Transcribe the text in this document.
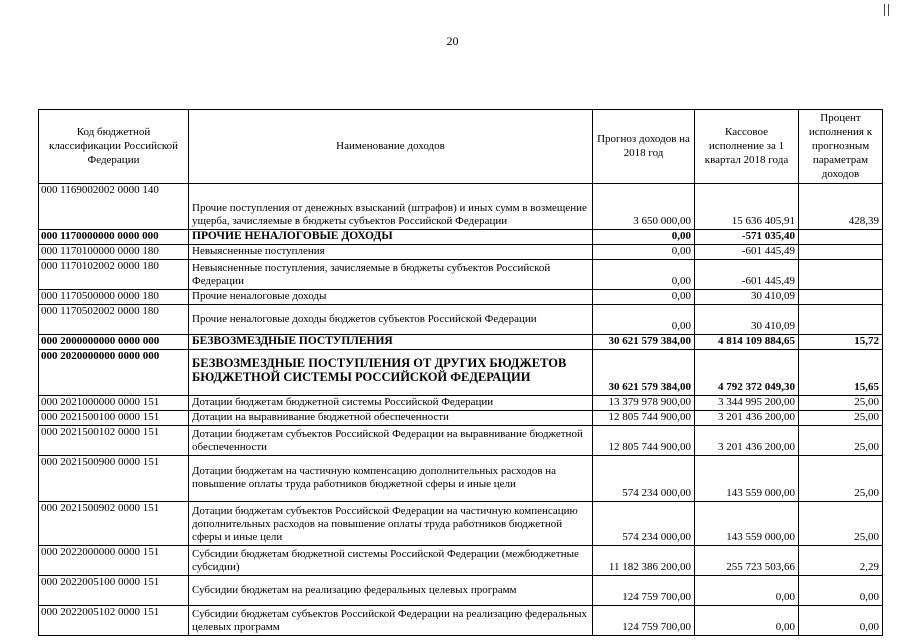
20
Код бюджетной классификации Российской Федерации	Наименование доходов	Прогноз доходов на 2018 год	Кассовое исполнение за 1 квартал 2018 года	Процент исполнения к прогнозным параметрам доходов
000 1169002002 0000 140	Прочие поступления от денежных взысканий (штрафов) и иных сумм в возмещение ущерба, зачисляемые в бюджеты субъектов Российской Федерации	3 650 000,00	15 636 405,91	428,39
000 1170000000 0000 000	ПРОЧИЕ НЕНАЛОГОВЫЕ ДОХОДЫ	0,00	-571 035,40	
000 1170100000 0000 180	Невыясненные поступления	0,00	-601 445,49	
000 1170102002 0000 180	Невыясненные поступления, зачисляемые в бюджеты субъектов Российской Федерации	0,00	-601 445,49	
000 1170500000 0000 180	Прочие неналоговые доходы	0,00	30 410,09	
000 1170502002 0000 180	Прочие неналоговые доходы бюджетов субъектов Российской Федерации	0,00	30 410,09	
000 2000000000 0000 000	БЕЗВОЗМЕЗДНЫЕ ПОСТУПЛЕНИЯ	30 621 579 384,00	4 814 109 884,65	15,72
000 2020000000 0000 000	БЕЗВОЗМЕЗДНЫЕ ПОСТУПЛЕНИЯ ОТ ДРУГИХ БЮДЖЕТОВ БЮДЖЕТНОЙ СИСТЕМЫ РОССИЙСКОЙ ФЕДЕРАЦИИ	30 621 579 384,00	4 792 372 049,30	15,65
000 2021000000 0000 151	Дотации бюджетам бюджетной системы Российской Федерации	13 379 978 900,00	3 344 995 200,00	25,00
000 2021500100 0000 151	Дотации на выравнивание бюджетной обеспеченности	12 805 744 900,00	3 201 436 200,00	25,00
000 2021500102 0000 151	Дотации бюджетам субъектов Российской Федерации на выравнивание бюджетной обеспеченности	12 805 744 900,00	3 201 436 200,00	25,00
000 2021500900 0000 151	Дотации бюджетам на частичную компенсацию дополнительных расходов на повышение оплаты труда работников бюджетной сферы и иные цели	574 234 000,00	143 559 000,00	25,00
000 2021500902 0000 151	Дотации бюджетам субъектов Российской Федерации на частичную компенсацию дополнительных расходов на повышение оплаты труда работников бюджетной сферы и иные цели	574 234 000,00	143 559 000,00	25,00
000 2022000000 0000 151	Субсидии бюджетам бюджетной системы Российской Федерации (межбюджетные субсидии)	11 182 386 200,00	255 723 503,66	2,29
000 2022005100 0000 151	Субсидии бюджетам на реализацию федеральных целевых программ	124 759 700,00	0,00	0,00
000 2022005102 0000 151	Субсидии бюджетам субъектов Российской Федерации на реализацию федеральных целевых программ	124 759 700,00	0,00	0,00
